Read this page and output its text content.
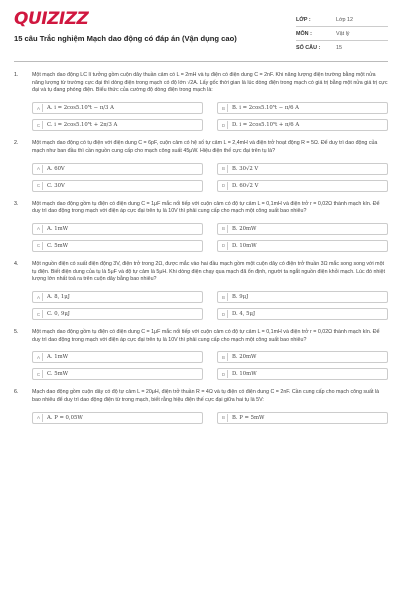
QUIZIZZ
15 câu Trắc nghiệm Mạch dao động có đáp án (Vận dụng cao)
LỚP :	Lớp 12
MÔN :	Vật lý
SỐ CÂU :	15
1.	Một mạch dao động LC lí tưởng gồm cuộn dây thuần cảm có L = 2mH và tụ điện có điện dung C = 2nF. Khi năng lượng điện trường bằng một nửa năng lượng từ trường cực đại thì dòng điện trong mạch có độ lớn √2A. Lấy gốc thời gian là lúc dòng điện trong mạch có giá trị bằng một nửa giá trị cực đại và tụ đang phóng điện. Biểu thức của cường độ dòng điện trong mạch là:
A	A. i = 2cos5.10⁵t − π/3 A	B	B. i = 2cos5.10⁵t − π/6 A
C	C. i = 2cos5.10⁵t + 2π/3 A	D	D. i = 2cos5.10⁵t + π/6 A
2.	Một mạch dao động có tụ điện với điện dung C = 6pF, cuộn cảm có hệ số tự cảm L = 2,4mH và điện trở hoạt động R = 5Ω. Để duy trì dao động của mạch như ban đầu thì cần nguồn cung cấp cho mạch công suất 45μW. Hiệu điện thế cực đại trên tụ là?
A	A. 60V	B	B. 30√2 V
C	C. 30V	D	D. 60√2 V
3.	Một mạch dao động gồm tụ điện có điện dung C = 1μF mắc nối tiếp với cuộn cảm có độ tự cảm L = 0,1mH và điện trở r = 0,02Ω thành mạch kín. Để duy trì dao động trong mạch với điện áp cực đại trên tụ là 10V thì phải cung cấp cho mạch một công suất bao nhiêu?
A	A. 1mW	B	B. 20mW
C	C. 5mW	D	D. 10mW
4.	Một nguồn điện có suất điện động 3V, điện trở trong 2Ω, được mắc vào hai đầu mạch gồm một cuộn dây có điện trở thuần 3Ω mắc song song với một tụ điện. Biết điện dung của tụ là 5μF và độ tự cảm là 5μH. Khi dòng điện chạy qua mạch đã ổn định, người ta ngắt nguồn điện khỏi mạch. Lúc đó nhiệt lượng lớn nhất toả ra trên cuộn dây bằng bao nhiêu?
A	A. 8, 1μJ	B	B. 9μJ
C	C. 0, 9μJ	D	D. 4, 5μJ
5.	Một mạch dao động gồm tụ điện có điện dung C = 1μF mắc nối tiếp với cuộn cảm có độ tự cảm L = 0,1mH và điện trở r = 0,02Ω thành mạch kín. Để duy trì dao động trong mạch với điện áp cực đại trên tụ là 10V thì phải cung cấp cho mạch một công suất bao nhiêu?
A	A. 1mW	B	B. 20mW
C	C. 5mW	D	D. 10mW
6.	Mạch dao động gồm cuộn dây có độ tự cảm L = 20μH, điện trở thuần R = 4Ω và tụ điện có điện dung C = 2nF. Cần cung cấp cho mạch công suất là bao nhiêu để duy trì dao động điện từ trong mạch, biết rằng hiệu điện thế cực đại giữa hai tụ là 5V:
A	A. P = 0,05W	B	B. P = 5mW
